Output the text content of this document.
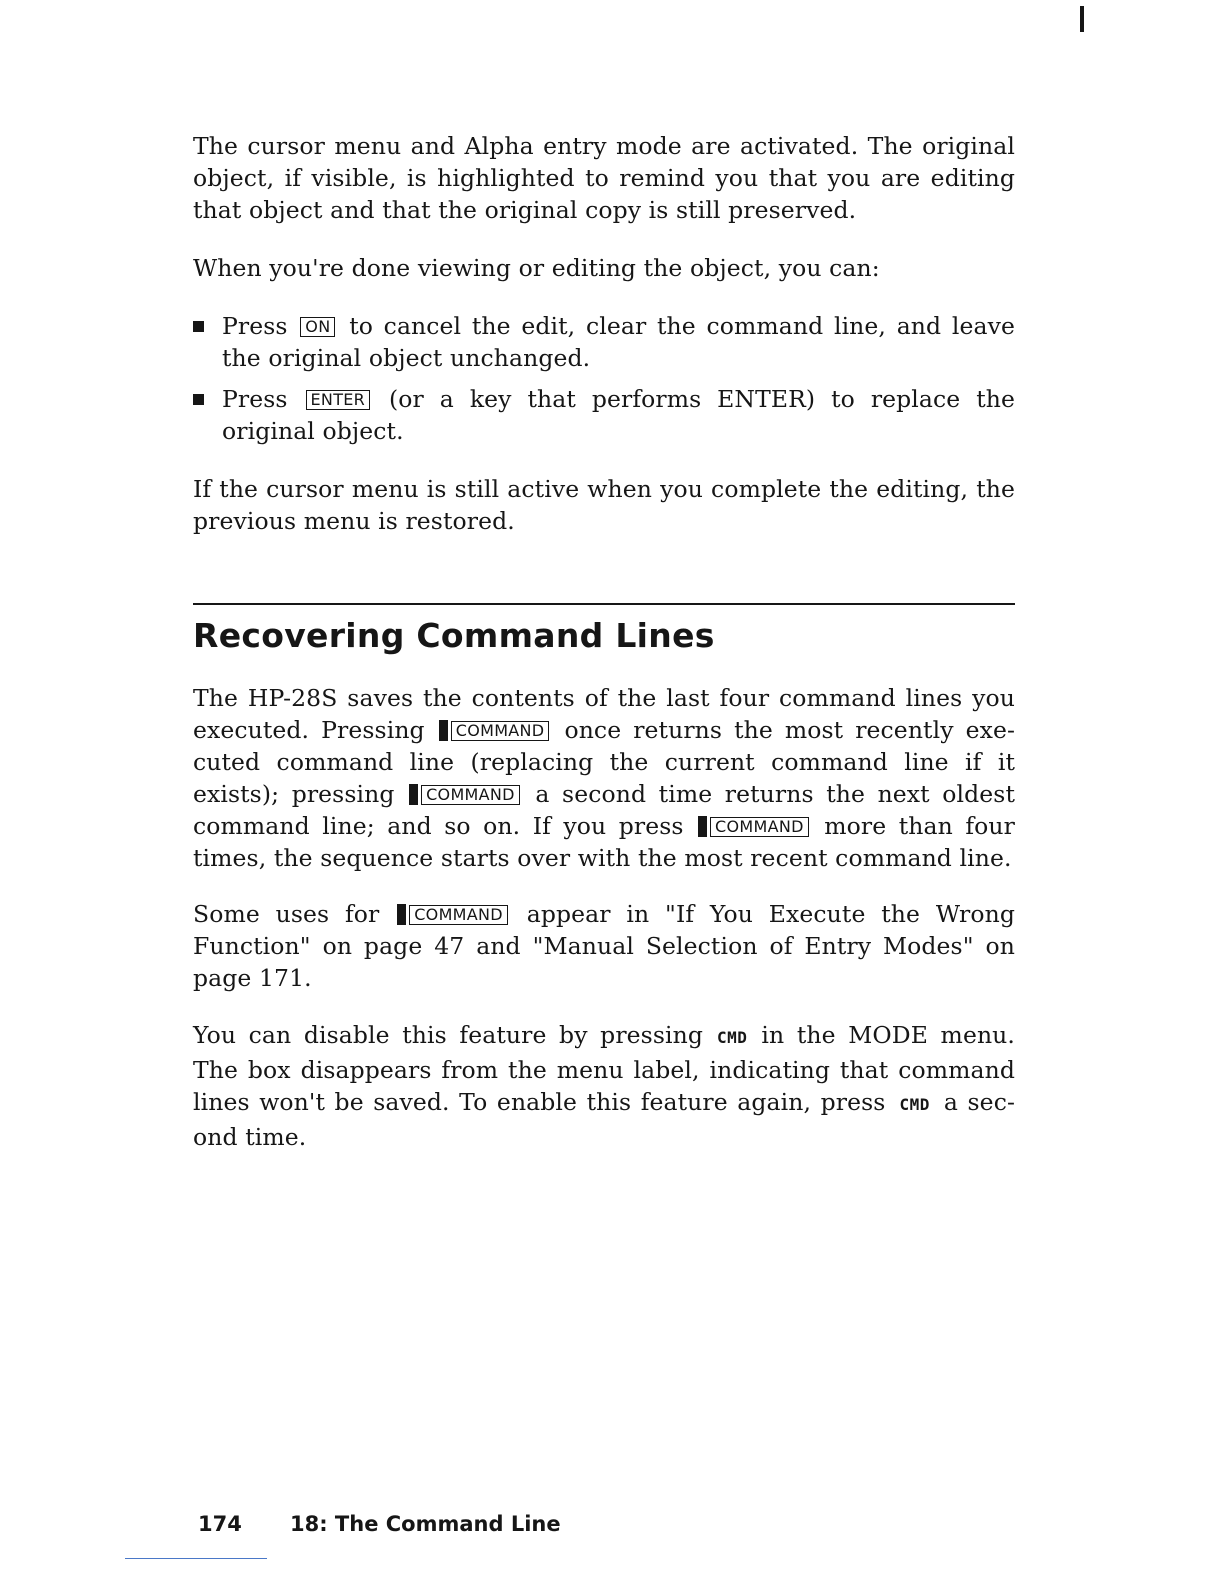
The cursor menu and Alpha entry mode are activated. The original object, if visible, is highlighted to remind you that you are editing that object and that the original copy is still preserved.
When you're done viewing or editing the object, you can:
Press ON to cancel the edit, clear the command line, and leave the original object unchanged.
Press ENTER (or a key that performs ENTER) to replace the original object.
If the cursor menu is still active when you complete the editing, the previous menu is restored.
Recovering Command Lines
The HP-28S saves the contents of the last four command lines you executed. Pressing COMMAND once returns the most recently exe-cuted command line (replacing the current command line if it exists); pressing COMMAND a second time returns the next oldest command line; and so on. If you press COMMAND more than four times, the sequence starts over with the most recent command line.
Some uses for COMMAND appear in "If You Execute the Wrong Function" on page 47 and "Manual Selection of Entry Modes" on page 171.
You can disable this feature by pressing CMD in the MODE menu. The box disappears from the menu label, indicating that command lines won't be saved. To enable this feature again, press CMD a sec-ond time.
174 18: The Command Line
